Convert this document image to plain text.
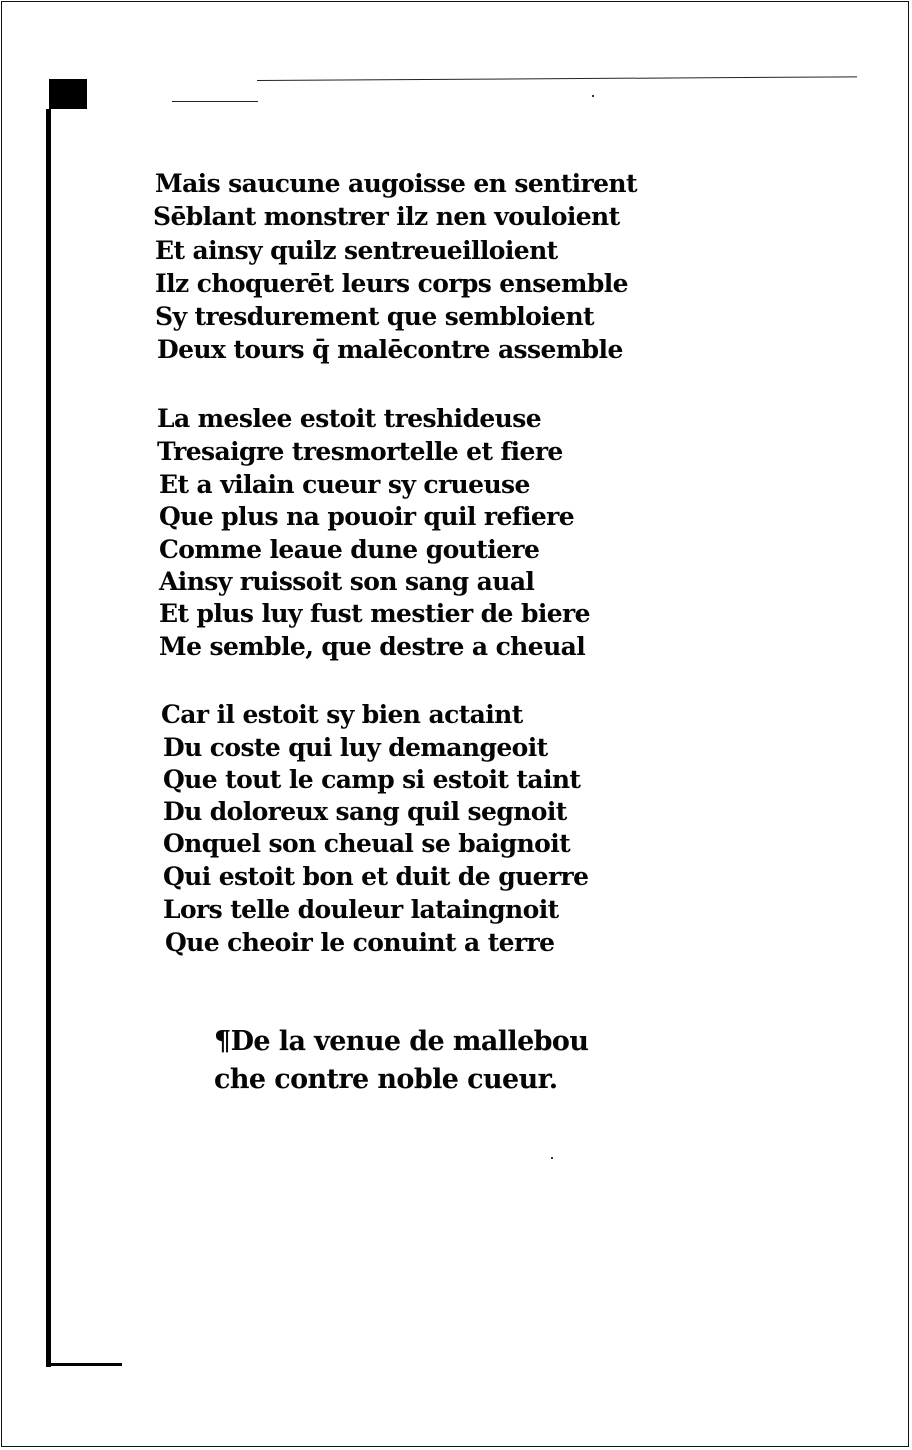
Mais saucune augoisse en sentirent
Sēblant monstrer ilz nen vouloient
Et ainsy quilz sentreueilloient
Ilz choquerēt leurs corps ensemble
Sy tresdurement que sembloient
Deux tours q̄ malēcontre assemble
La meslee estoit treshideuse
Tresaigre tresmortelle et fiere
Et a vilain cueur sy crueuse
Que plus na pouoir quil refiere
Comme leaue dune goutiere
Ainsy ruissoit son sang aual
Et plus luy fust mestier de biere
Me semble, que destre a cheual
Car il estoit sy bien actaint
Du coste qui luy demangeoit
Que tout le camp si estoit taint
Du doloreux sang quil segnoit
Onquel son cheual se baignoit
Qui estoit bon et duit de guerre
Lors telle douleur lataingnoit
Que cheoir le conuint a terre
¶De la venue de mallebou
che contre noble cueur.
